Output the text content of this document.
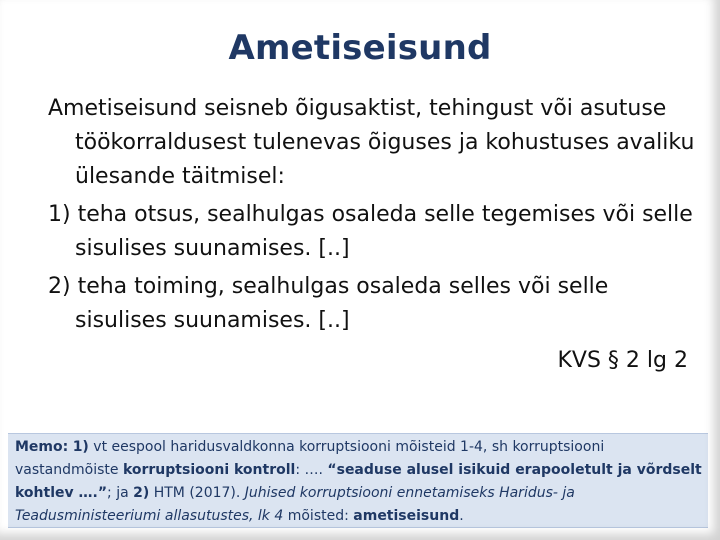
Ametiseisund

Ametiseisund seisneb õigusaktist, tehingust või asutuse töökorraldusest tulenevas õiguses ja kohustuses avaliku ülesande täitmisel:

1) teha otsus, sealhulgas osaleda selle tegemises või selle sisulises suunamises. [..]

2) teha toiming, sealhulgas osaleda selles või selle sisulises suunamises. [..]

KVS § 2 lg 2
Memo: 1) vt eespool haridusvaldkonna korruptsiooni mõisteid 1-4, sh korruptsiooni vastandmõiste korruptsiooni kontroll: …. “seaduse alusel isikuid erapooletult ja võrdselt kohtlev ….”; ja 2) HTM (2017). Juhised korruptsiooni ennetamiseks Haridus- ja Teadusministeeriumi allasutustes, lk 4 mõisted: ametiseisund.
